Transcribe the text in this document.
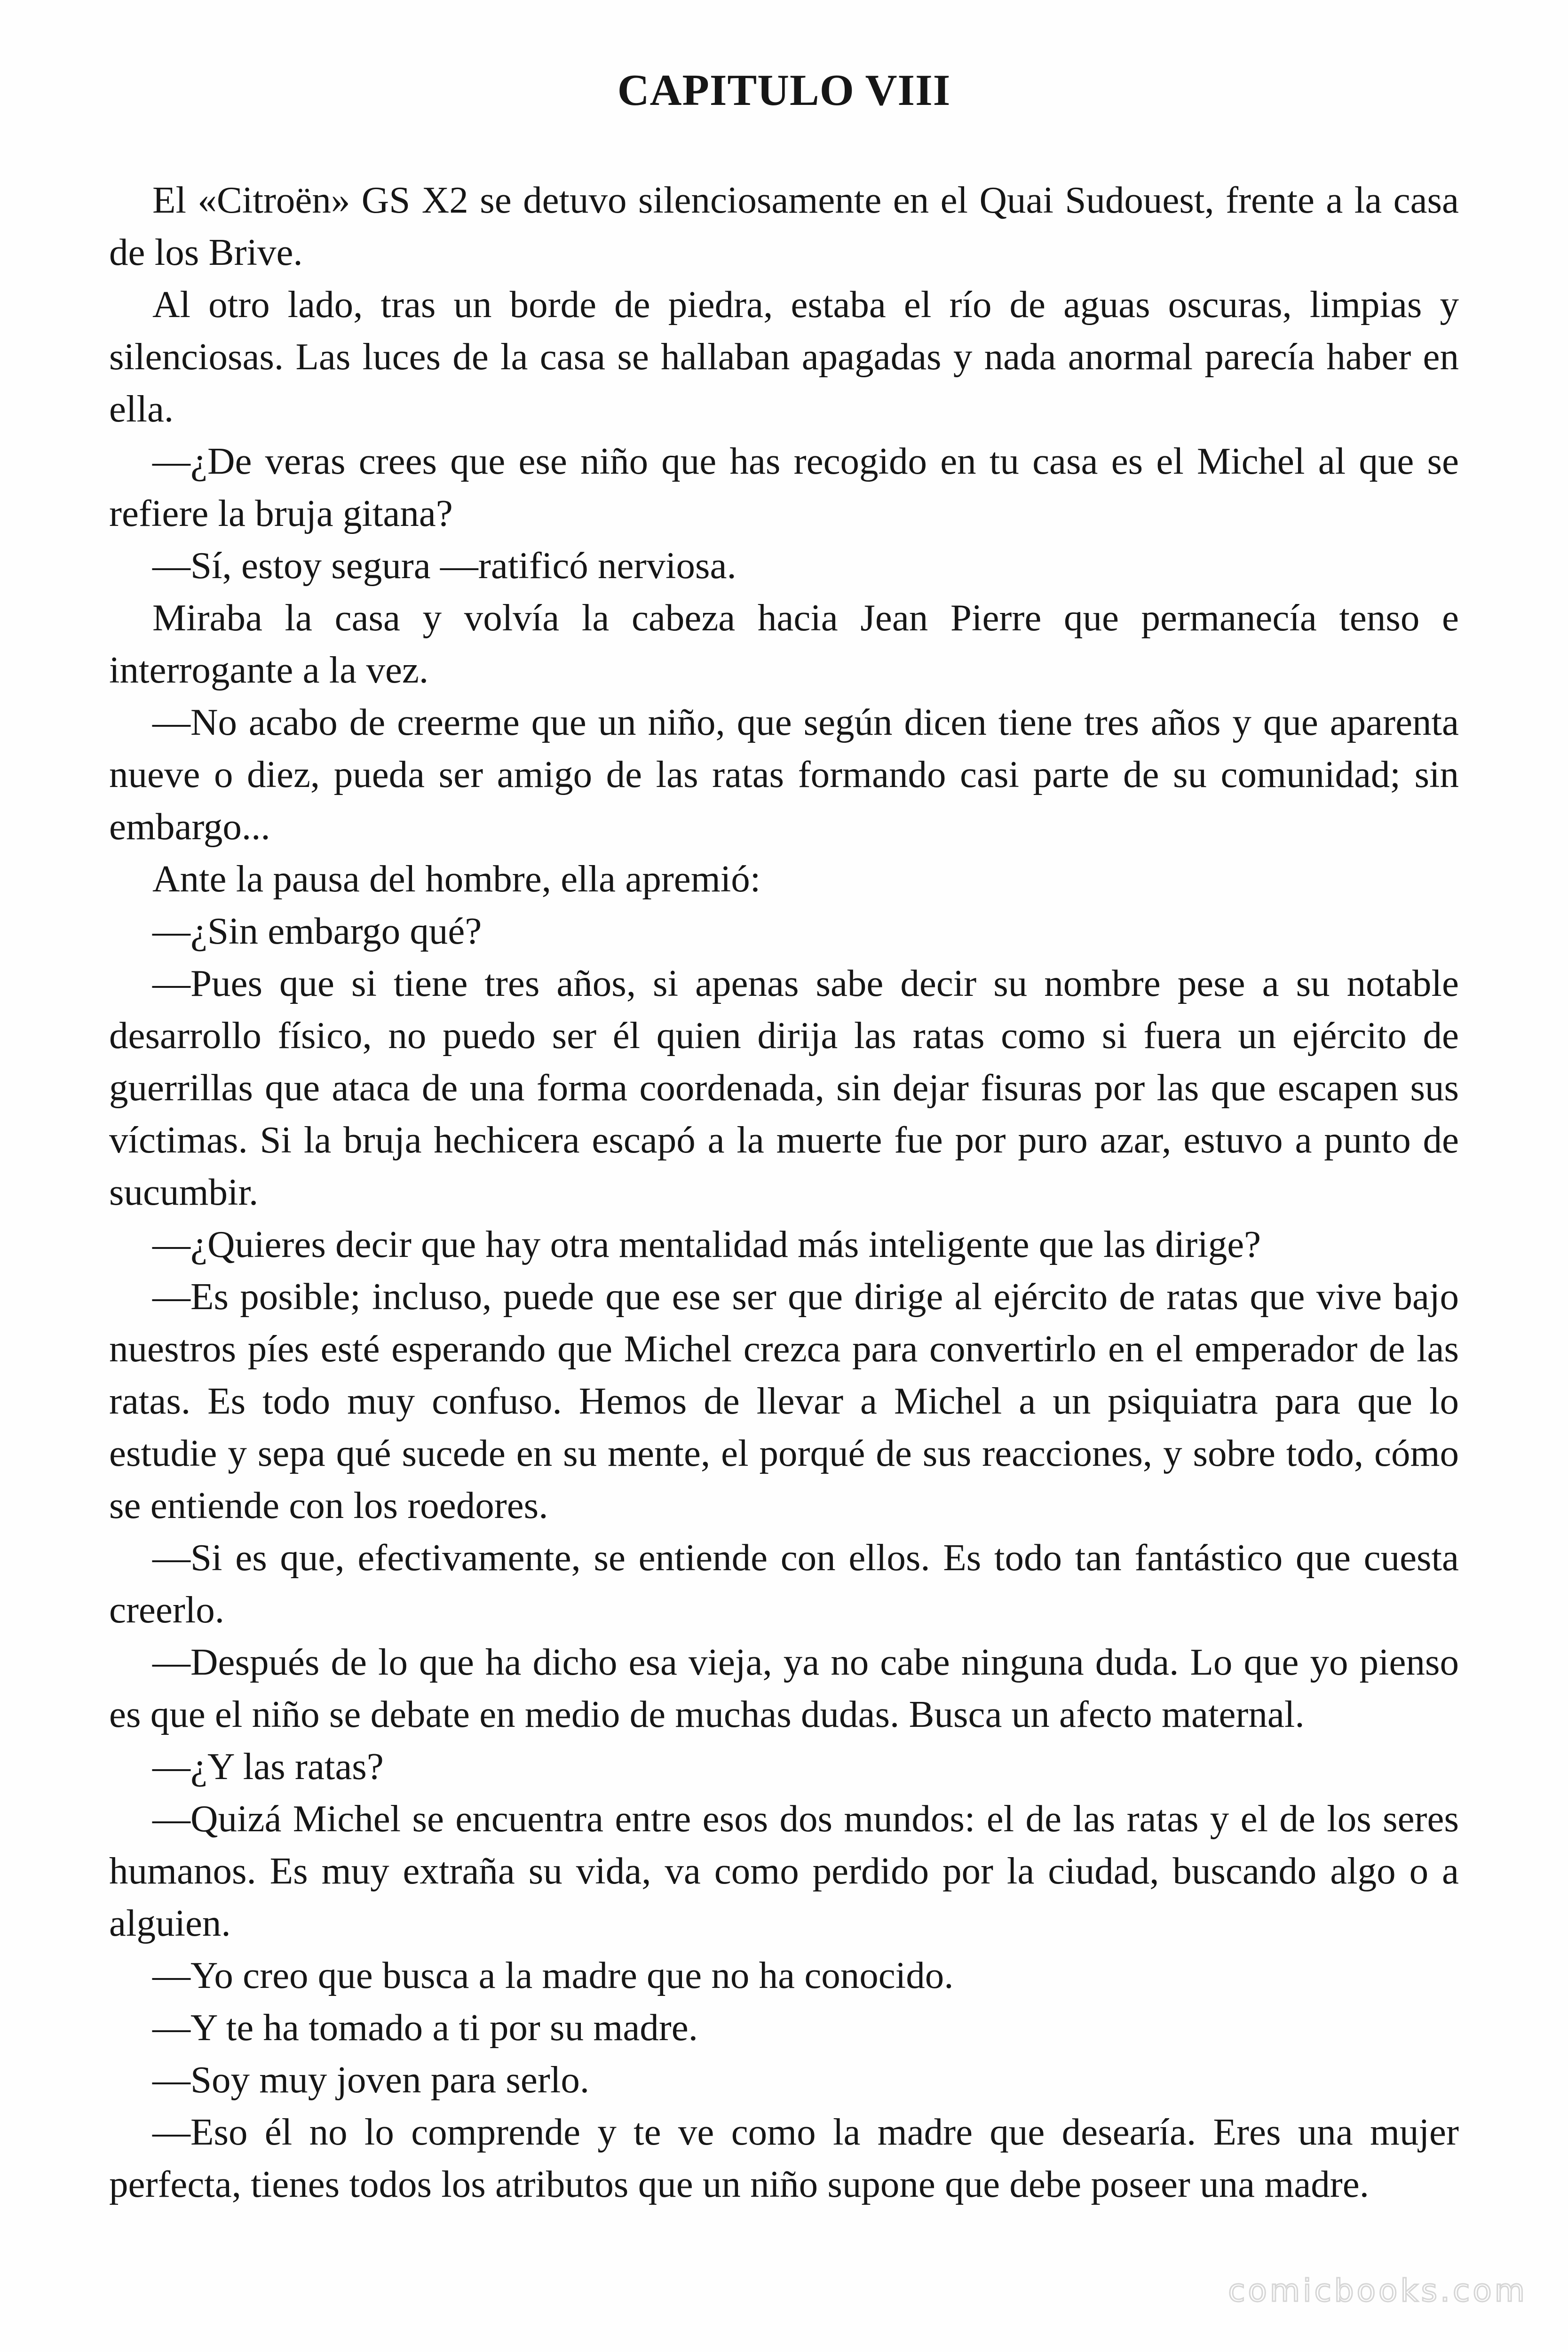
CAPITULO VIII

El «Citroën» GS X2 se detuvo silenciosamente en el Quai Sudouest, frente a la casa de los Brive.

Al otro lado, tras un borde de piedra, estaba el río de aguas oscuras, limpias y silenciosas. Las luces de la casa se hallaban apagadas y nada anormal parecía haber en ella.

—¿De veras crees que ese niño que has recogido en tu casa es el Michel al que se refiere la bruja gitana?

—Sí, estoy segura —ratificó nerviosa.

Miraba la casa y volvía la cabeza hacia Jean Pierre que permanecía tenso e interrogante a la vez.

—No acabo de creerme que un niño, que según dicen tiene tres años y que aparenta nueve o diez, pueda ser amigo de las ratas formando casi parte de su comunidad; sin embargo...

Ante la pausa del hombre, ella apremió:

—¿Sin embargo qué?

—Pues que si tiene tres años, si apenas sabe decir su nombre pese a su notable desarrollo físico, no puedo ser él quien dirija las ratas como si fuera un ejército de guerrillas que ataca de una forma coordenada, sin dejar fisuras por las que escapen sus víctimas. Si la bruja hechicera escapó a la muerte fue por puro azar, estuvo a punto de sucumbir.

—¿Quieres decir que hay otra mentalidad más inteligente que las dirige?

—Es posible; incluso, puede que ese ser que dirige al ejército de ratas que vive bajo nuestros píes esté esperando que Michel crezca para convertirlo en el emperador de las ratas. Es todo muy confuso. Hemos de llevar a Michel a un psiquiatra para que lo estudie y sepa qué sucede en su mente, el porqué de sus reacciones, y sobre todo, cómo se entiende con los roedores.

—Si es que, efectivamente, se entiende con ellos. Es todo tan fantástico que cuesta creerlo.

—Después de lo que ha dicho esa vieja, ya no cabe ninguna duda. Lo que yo pienso es que el niño se debate en medio de muchas dudas. Busca un afecto maternal.

—¿Y las ratas?

—Quizá Michel se encuentra entre esos dos mundos: el de las ratas y el de los seres humanos. Es muy extraña su vida, va como perdido por la ciudad, buscando algo o a alguien.

—Yo creo que busca a la madre que no ha conocido.

—Y te ha tomado a ti por su madre.

—Soy muy joven para serlo.

—Eso él no lo comprende y te ve como la madre que desearía. Eres una mujer perfecta, tienes todos los atributos que un niño supone que debe poseer una madre.

comicbooks.com
